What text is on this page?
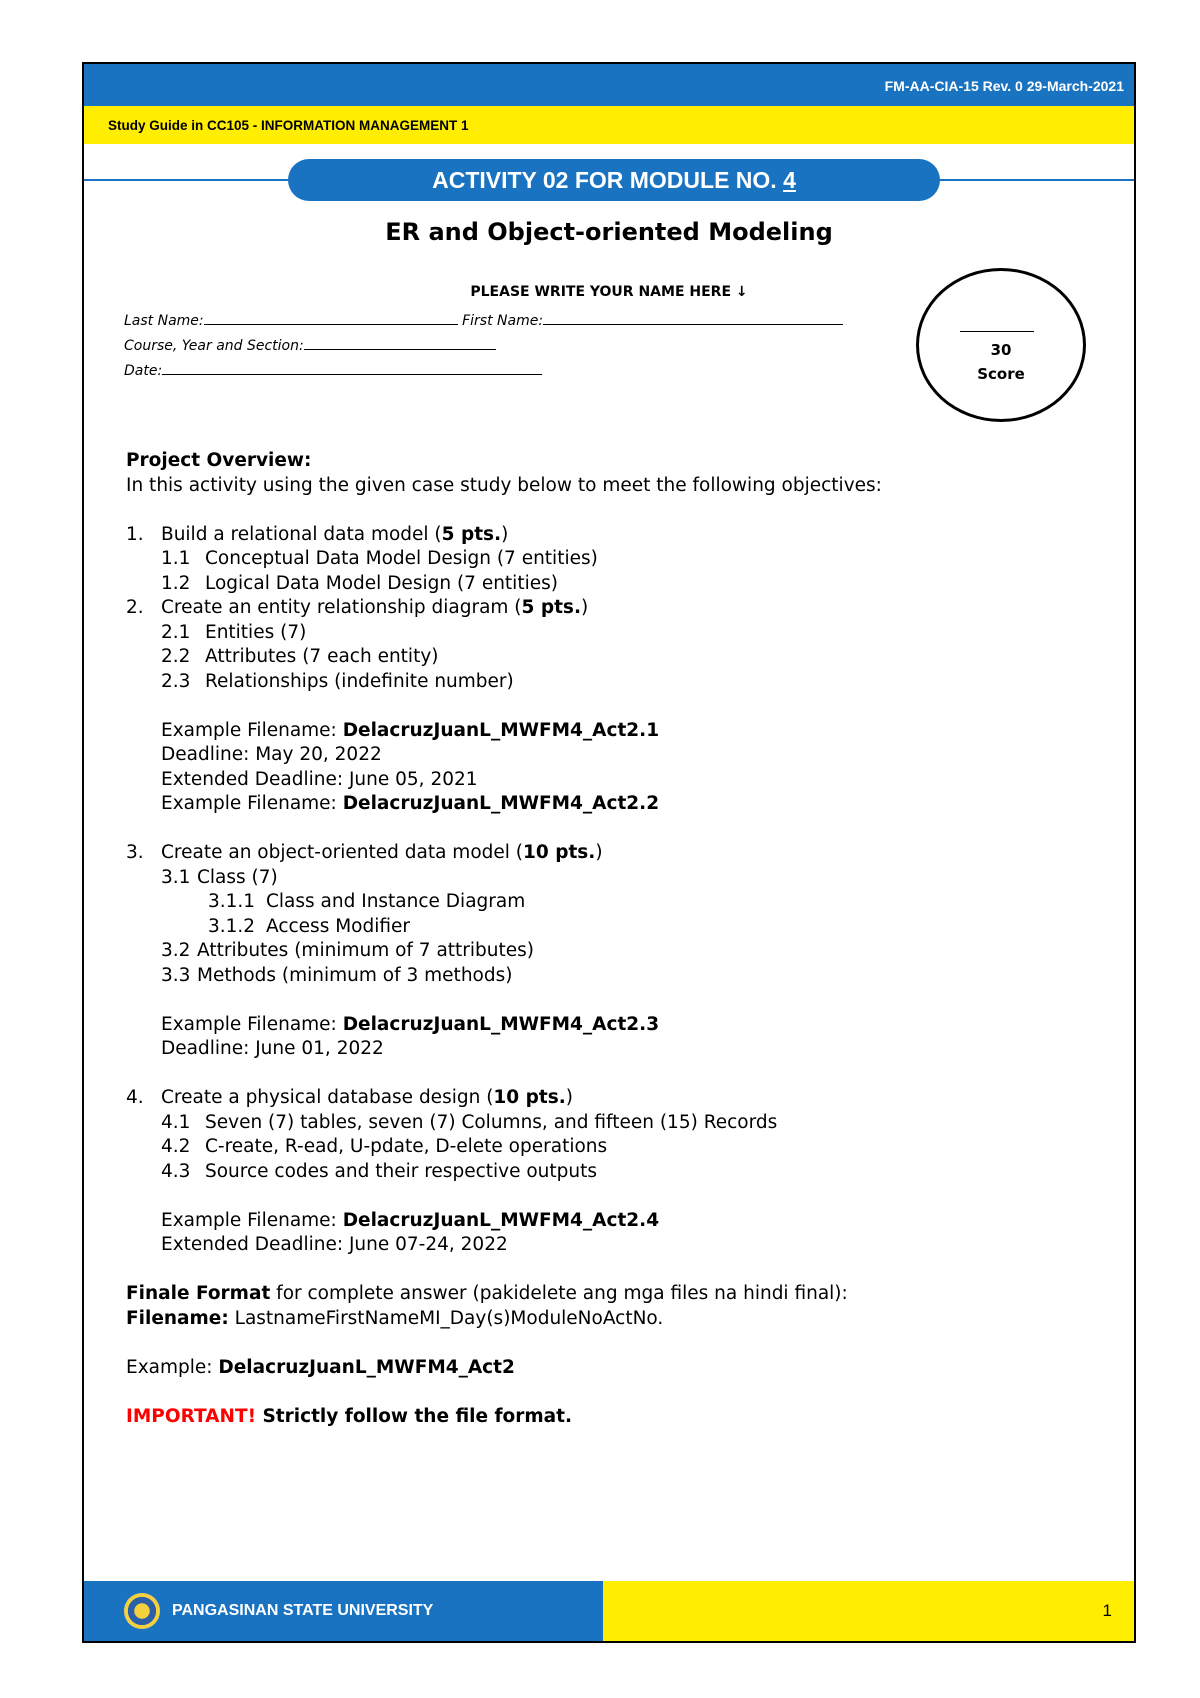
FM-AA-CIA-15 Rev. 0 29-March-2021
Study Guide in CC105 - INFORMATION MANAGEMENT 1
ACTIVITY 02 FOR MODULE NO. 4
ER and Object-oriented Modeling
PLEASE WRITE YOUR NAME HERE ↓
Last Name:	First Name:
Course, Year and Section:
Date:
30
Score
Project Overview:
In this activity using the given case study below to meet the following objectives:
1. Build a relational data model (5 pts.)
1.1 Conceptual Data Model Design (7 entities)
1.2 Logical Data Model Design (7 entities)
2. Create an entity relationship diagram (5 pts.)
2.1 Entities (7)
2.2 Attributes (7 each entity)
2.3 Relationships (indefinite number)
Example Filename: DelacruzJuanL_MWFM4_Act2.1
Deadline: May 20, 2022
Extended Deadline: June 05, 2021
Example Filename: DelacruzJuanL_MWFM4_Act2.2
3. Create an object-oriented data model (10 pts.)
3.1 Class (7)
3.1.1 Class and Instance Diagram
3.1.2 Access Modifier
3.2 Attributes (minimum of 7 attributes)
3.3 Methods (minimum of 3 methods)
Example Filename: DelacruzJuanL_MWFM4_Act2.3
Deadline: June 01, 2022
4. Create a physical database design (10 pts.)
4.1 Seven (7) tables, seven (7) Columns, and fifteen (15) Records
4.2 C-reate, R-ead, U-pdate, D-elete operations
4.3 Source codes and their respective outputs
Example Filename: DelacruzJuanL_MWFM4_Act2.4
Extended Deadline: June 07-24, 2022
Finale Format for complete answer (pakidelete ang mga files na hindi final):
Filename: LastnameFirstNameMI_Day(s)ModuleNoActNo.
Example: DelacruzJuanL_MWFM4_Act2
IMPORTANT! Strictly follow the file format.
PANGASINAN STATE UNIVERSITY	1
